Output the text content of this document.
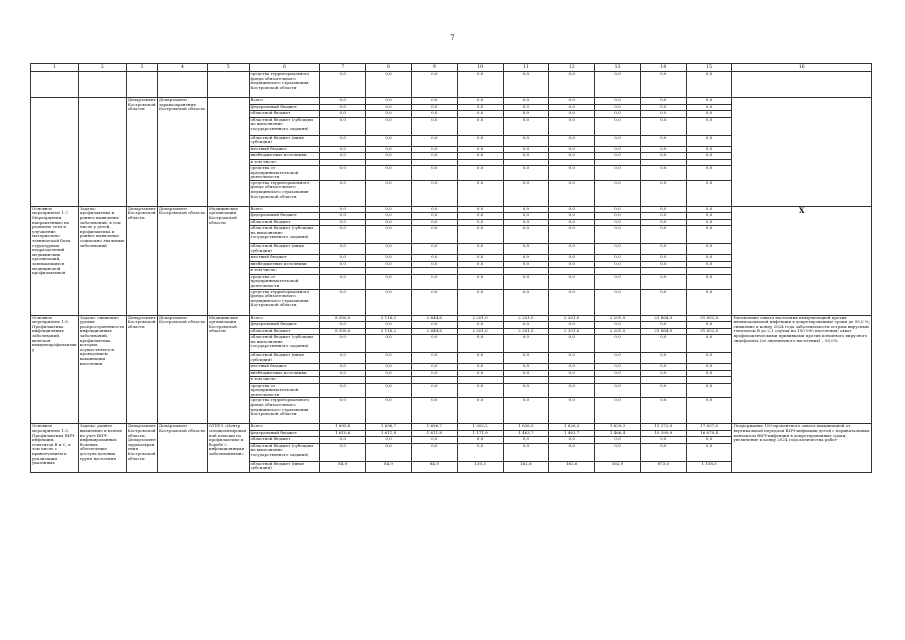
7
1	2	3	4	5	6	7	8	9	10	11	12	13	14	15	16
					средства территориального фонда обязательного медицинского страхования Костромской области	0,0	0,0	0,0	0,0	0,0	0,0	0,0	0,0	0,0	
		Департамент Костромской области	Департамент здравоохранения Костромской области		Всего	0,0	0,0	0,0	0,0	0,0	0,0	0,0	0,0	0,0	
					федеральный бюджет	0,0	0,0	0,0	0,0	0,0	0,0	0,0	0,0	0,0	
					областной бюджет	0,0	0,0	0,0	0,0	0,0	0,0	0,0	0,0	0,0	
					областной бюджет (субсидии на выполнение государственного задания)	0,0	0,0	0,0	0,0	0,0	0,0	0,0	0,0	0,0	
					областной бюджет (иные субсидии)	0,0	0,0	0,0	0,0	0,0	0,0	0,0	0,0	0,0	
					местный бюджет	0,0	0,0	0,0	0,0	0,0	0,0	0,0	0,0	0,0	
					внебюджетные источники	0,0	0,0	0,0	0,0	0,0	0,0	0,0	0,0	0,0	
					в том числе:										
					средства от предпринимательской деятельности	0,0	0,0	0,0	0,0	0,0	0,0	0,0	0,0	0,0	
					средства территориального фонда обязательного медицинского страхования Костромской области	0,0	0,0	0,0	0,0	0,0	0,0	0,0	0,0	0,0	
Основное мероприятие 1.7. Мероприятия, направленные на развитие сети и улучшение материально-технической базы структурных подразделений медицинских организаций, занимающихся медицинской профилактикой	Задача: профилактика и раннее выявление заболеваний, в том числе у детей, профилактика и раннее выявление социально значимых заболеваний	Департамент Костромской области	Департамент Костромской области	Медицинские организации Костромской области	Всего	0,0	0,0	0,0	0,0	0,0	0,0	0,0	0,0	0,0	Х
					федеральный бюджет	0,0	0,0	0,0	0,0	0,0	0,0	0,0	0,0	0,0	
					областной бюджет	0,0	0,0	0,0	0,0	0,0	0,0	0,0	0,0	0,0	
					областной бюджет (субсидии на выполнение государственного задания)	0,0	0,0	0,0	0,0	0,0	0,0	0,0	0,0	0,0	
					областной бюджет (иные субсидии)	0,0	0,0	0,0	0,0	0,0	0,0	0,0	0,0	0,0	
					местный бюджет	0,0	0,0	0,0	0,0	0,0	0,0	0,0	0,0	0,0	
					внебюджетные источники	0,0	0,0	0,0	0,0	0,0	0,0	0,0	0,0	0,0	
					в том числе:										
					средства от предпринимательской деятельности	0,0	0,0	0,0	0,0	0,0	0,0	0,0	0,0	0,0	
					средства территориального фонда обязательного медицинского страхования Костромской области	0,0	0,0	0,0	0,0	0,0	0,0	0,0	0,0	0,0	
Основное мероприятие 1.8. Профилактика инфекционных заболеваний, включая иммунопрофилактику	Задача: снижение уровня распространенности инфекционных заболеваний, профилактика которых осуществляется проведением вакцинации населения	Департамент Костромской области	Департамент Костромской области	Медицинские организации Костромской области	Всего	8 300,0	2 116,2	2 644,6	2 201,0	2 201,0	2 201,0	2 201,0	21 864,9	31 652,8	Увеличение охвата населения иммунизацией против пневмококковой инфекции в декретированные сроки до 95,0 %; снижение к концу 2024 года заболеваемости острым вирусным гепатитом В до 2,1 случая на 100 000 населения; охват профилактическими прививками против клещевого вирусного энцефалита (от эндемичного населения) – 95,0%
					федеральный бюджет	0,0	0,0	0,0	0,0	0,0	0,0	0,0	0,0	0,0	
					областной бюджет	8 300,0	2 116,2	2 644,6	2 201,0	2 201,0	2 201,0	2 201,0	21 864,9	31 652,8	
					областной бюджет (субсидии на выполнение государственного задания)	0,0	0,0	0,0	0,0	0,0	0,0	0,0	0,0	0,0	
					областной бюджет (иные субсидии)	0,0	0,0	0,0	0,0	0,0	0,0	0,0	0,0	0,0	
					местный бюджет	0,0	0,0	0,0	0,0	0,0	0,0	0,0	0,0	0,0	
					внебюджетные источники	0,0	0,0	0,0	0,0	0,0	0,0	0,0	0,0	0,0	
					в том числе:										
					средства от предпринимательской деятельности	0,0	0,0	0,0	0,0	0,0	0,0	0,0	0,0	0,0	
					средства территориального фонда обязательного медицинского страхования Костромской области	0,0	0,0	0,0	0,0	0,0	0,0	0,0	0,0	0,0	
Основное мероприятие 1.9. Профилактика ВИЧ-инфекции, гепатитов В и С, в том числе с привлечением к реализации указанных	Задача: раннее выявление и взятие на учет ВИЧ-инфицированных больных, обеспечение доступа целевых групп населения	Департамент Костромской области, Департамент здравоохранения Костромской области	Департамент Костромской области	ОГБУЗ «Центр специализированной помощи по профилактике и борьбе с инфекционными заболеваниями»	Всего	1 695,6	1 696,7	1 696,7	1 302,2	1 626,3	1 626,3	1 629,3	11 272,9	17 837,0	Поддержание 100-процентного охвата вакцинацией от вертикальной передачи ВИЧ-инфекции детей с перинатальным контактом ВИЧ-инфекции в декретированные сроки; увеличение к концу 2024 года количества работ-
					федеральный бюджет	1 610,6	1 611,8	1 611,8	1 171,9	1 463,7	1 463,7	1 466,4	10 399,9	16 670,4	
					областной бюджет	0,0	0,0	0,0	0,0	0,0	0,0	0,0	0,0	0,0	
					областной бюджет (субсидии на выполнение государственного задания)	0,0	0,0	0,0	0,0	0,0	0,0	0,0	0,0	0,0	
					областной бюджет (иные субсидии)	84,9	84,9	84,9	130,3	162,6	162,6	162,9	873,0	1 158,5	
